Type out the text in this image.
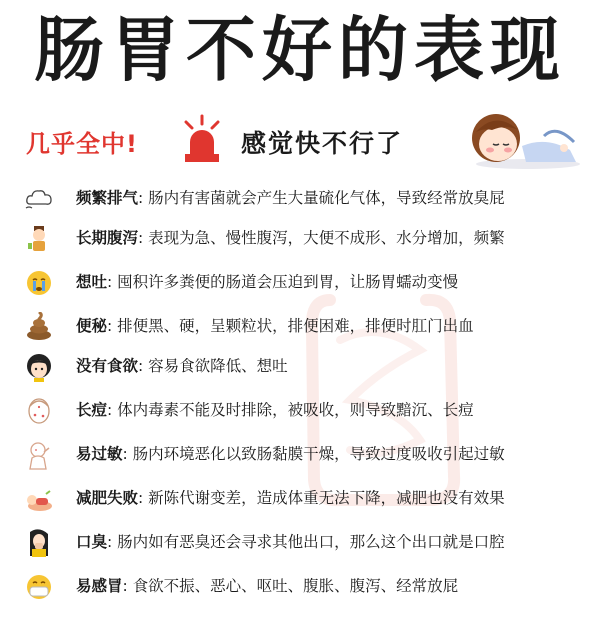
肠胃不好的表现
几乎全中!	感觉快不行了
频繁排气: 肠内有害菌就会产生大量硫化气体，导致经常放臭屁
长期腹泻: 表现为急、慢性腹泻，大便不成形、水分增加，频繁
想吐: 囤积许多粪便的肠道会压迫到胃，让肠胃蠕动变慢
便秘: 排便黑、硬，呈颗粒状，排便困难，排便时肛门出血
没有食欲: 容易食欲降低、想吐
长痘: 体内毒素不能及时排除，被吸收，则导致黯沉、长痘
易过敏: 肠内环境恶化以致肠黏膜干燥，导致过度吸收引起过敏
减肥失败: 新陈代谢变差，造成体重无法下降，减肥也没有效果
口臭: 肠内如有恶臭还会寻求其他出口，那么这个出口就是口腔
易感冒: 食欲不振、恶心、呕吐、腹胀、腹泻、经常放屁
